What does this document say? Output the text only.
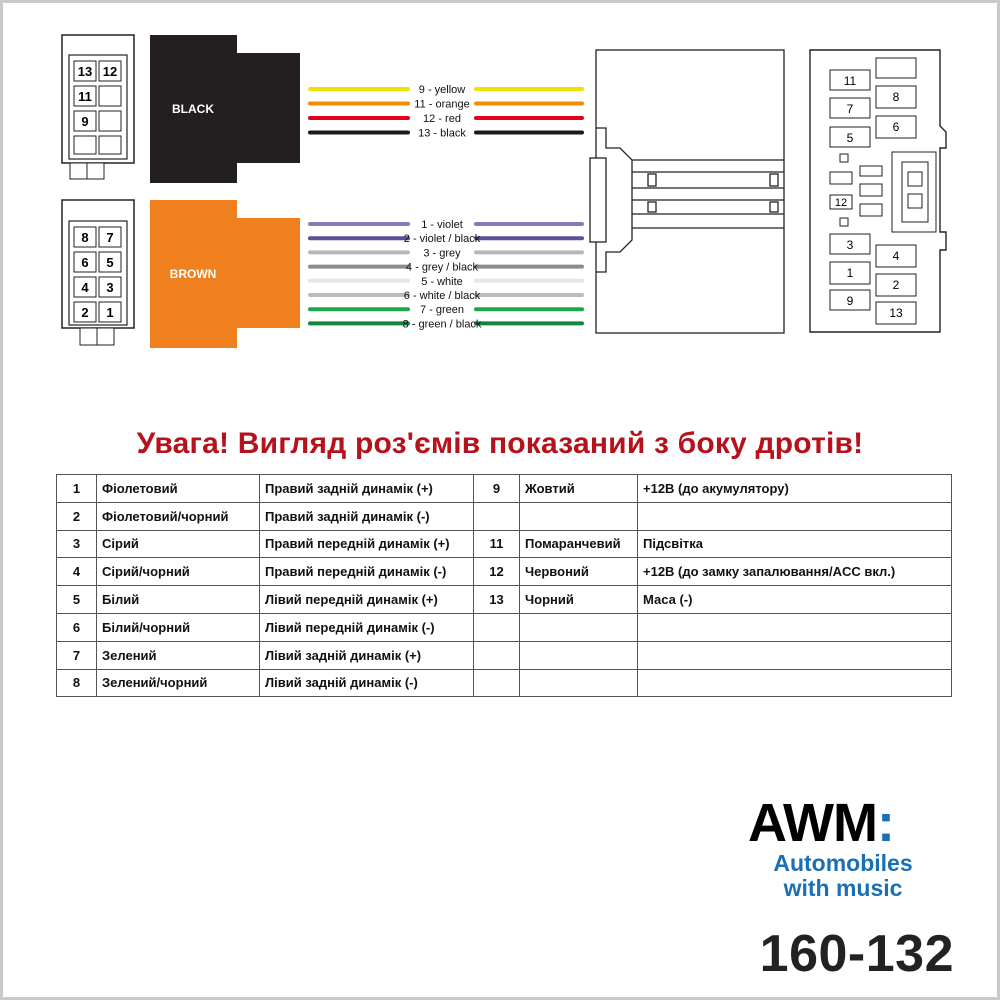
13 12
11
9
BLACK
9 - yellow
11 - orange
12 - red
13 - black
8 7
6 5
4 3
2 1
BROWN
1 - violet
2 - violet / black
3 - grey
4 - grey / black
5 - white
6 - white / black
7 - green
8 - green / black
11
8
7
6
5
12
3
4
1
2
9
13
Увага! Вигляд роз'ємів показаний з боку дротів!
1	Фіолетовий	Правий задній динамік (+)	9	Жовтий	+12В (до акумулятору)
2	Фіолетовий/чорний	Правий задній динамік (-)			
3	Сірий	Правий передній динамік (+)	11	Помаранчевий	Підсвітка
4	Сірий/чорний	Правий передній динамік (-)	12	Червоний	+12В (до замку запалювання/ACC вкл.)
5	Білий	Лівий передній динамік (+)	13	Чорний	Маса (-)
6	Білий/чорний	Лівий передній динамік (-)			
7	Зелений	Лівий задній динамік (+)			
8	Зелений/чорний	Лівий задній динамік (-)			
AWM:
Automobiles
with music
160-132
